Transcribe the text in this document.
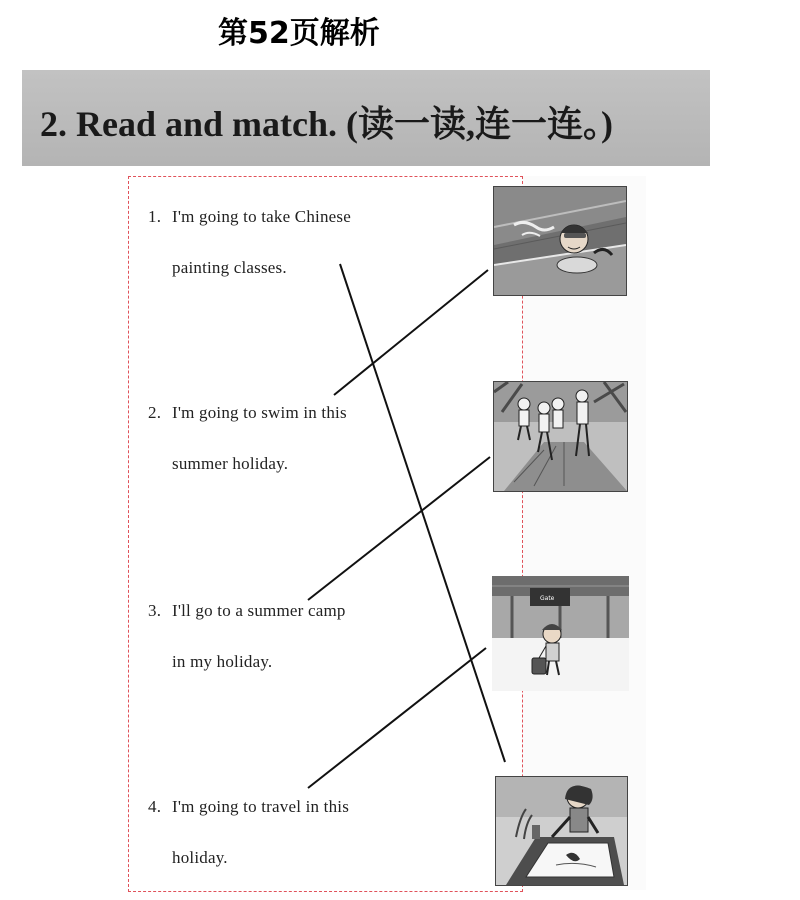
第52页解析
2. Read and match. (读一读,连一连。)
1. I'm going to take Chinese
painting classes.
2. I'm going to swim in this
summer holiday.
3. I'll go to a summer camp
in my holiday.
4. I'm going to travel in this
holiday.
Gate
